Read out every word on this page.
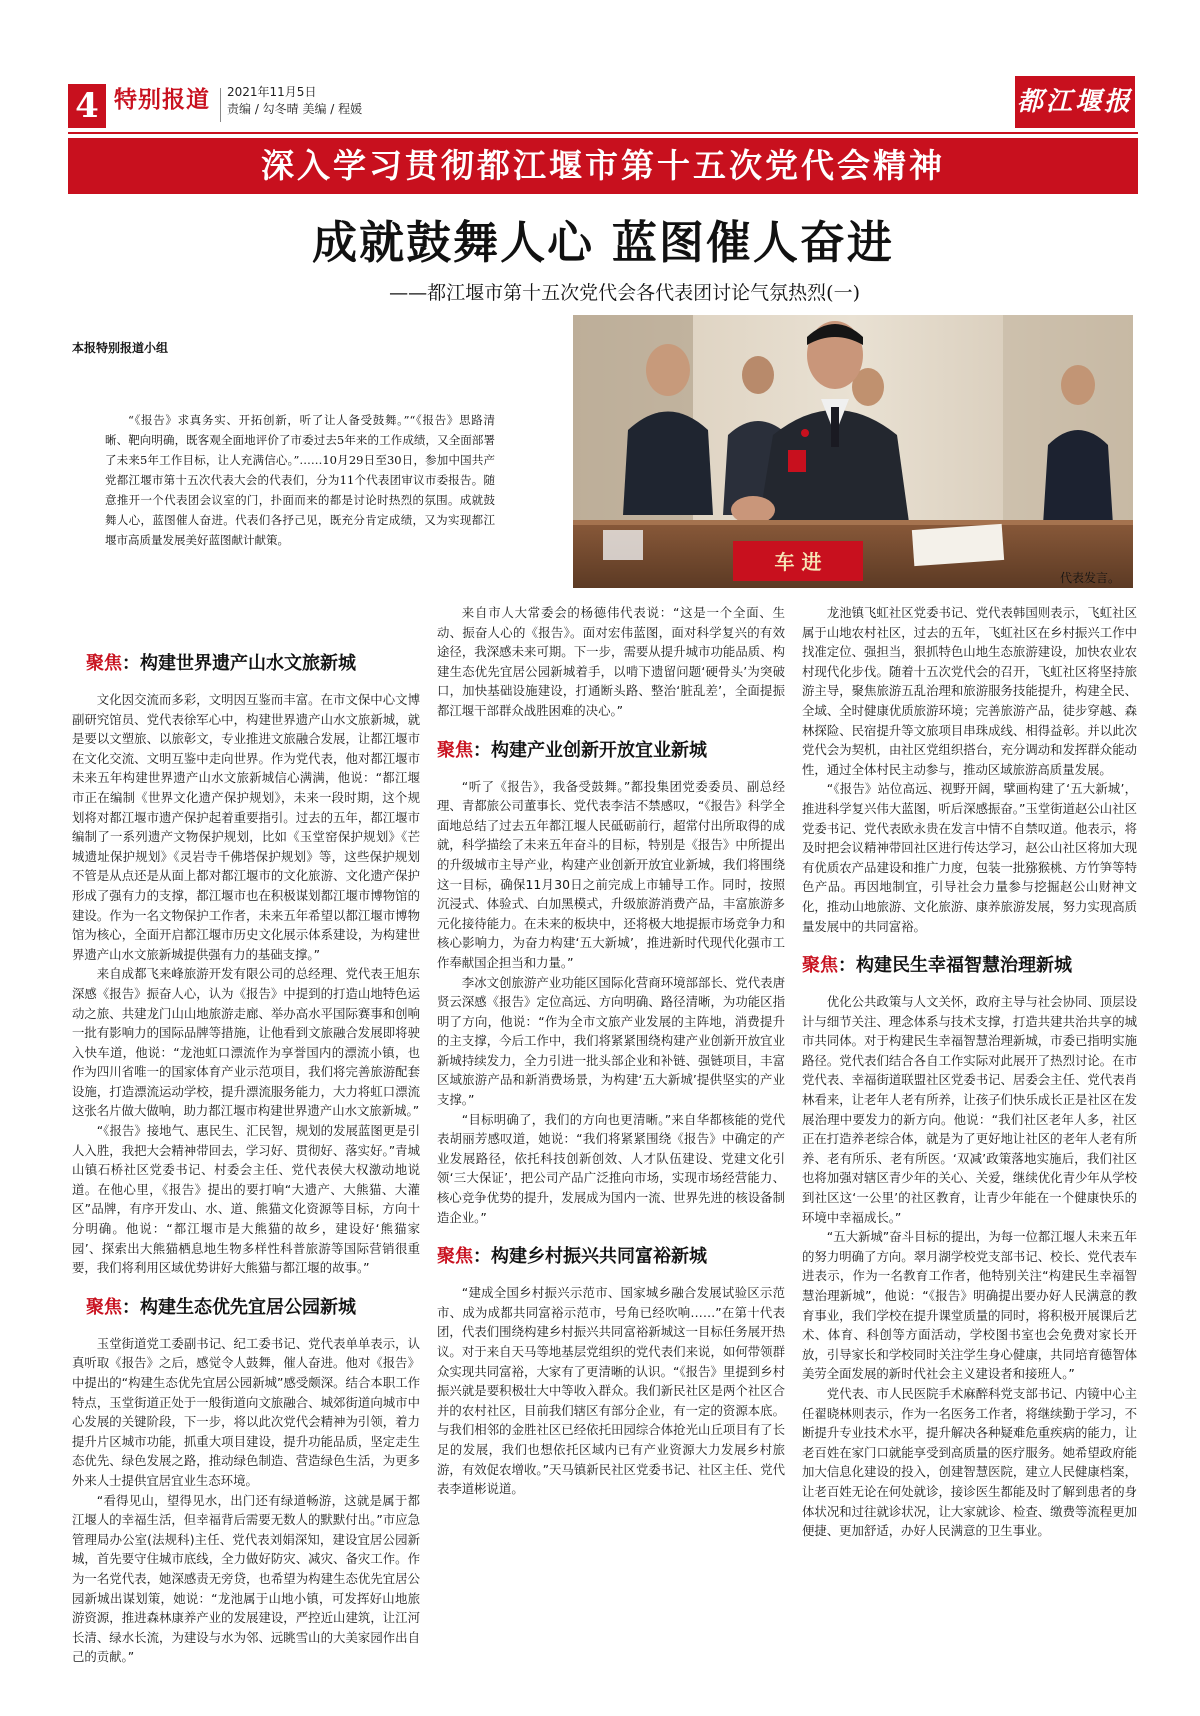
4 特别报道 2021年11月5日
责编 / 勾冬晴 美编 / 程媛	都江堰报
深入学习贯彻都江堰市第十五次党代会精神
成就鼓舞人心 蓝图催人奋进
——都江堰市第十五次党代会各代表团讨论气氛热烈(一)
本报特别报道小组
“《报告》求真务实、开拓创新，听了让人备受鼓舞。”“《报告》思路清晰、靶向明确，既客观全面地评价了市委过去5年来的工作成绩，又全面部署了未来5年工作目标，让人充满信心。”……10月29日至30日，参加中国共产党都江堰市第十五次代表大会的代表们，分为11个代表团审议市委报告。随意推开一个代表团会议室的门，扑面而来的都是讨论时热烈的氛围。成就鼓舞人心，蓝图催人奋进。代表们各抒己见，既充分肯定成绩，又为实现都江堰市高质量发展美好蓝图献计献策。
车 进
代表发言。
聚焦：构建世界遗产山水文旅新城

文化因交流而多彩，文明因互鉴而丰富。在市文保中心文博副研究馆员、党代表徐军心中，构建世界遗产山水文旅新城，就是要以文塑旅、以旅彰文，专业推进文旅融合发展，让都江堰市在文化交流、文明互鉴中走向世界。作为党代表，他对都江堰市未来五年构建世界遗产山水文旅新城信心满满，他说：“都江堰市正在编制《世界文化遗产保护规划》，未来一段时期，这个规划将对都江堰市遗产保护起着重要指引。过去的五年，都江堰市编制了一系列遗产文物保护规划，比如《玉堂窑保护规划》《芒城遗址保护规划》《灵岩寺千佛塔保护规划》等，这些保护规划不管是从点还是从面上都对都江堰市的文化旅游、文化遗产保护形成了强有力的支撑，都江堰市也在积极谋划都江堰市博物馆的建设。作为一名文物保护工作者，未来五年希望以都江堰市博物馆为核心，全面开启都江堰市历史文化展示体系建设，为构建世界遗产山水文旅新城提供强有力的基础支撑。”

来自成都飞来峰旅游开发有限公司的总经理、党代表王旭东深感《报告》振奋人心，认为《报告》中提到的打造山地特色运动之旅、共建龙门山山地旅游走廊、举办高水平国际赛事和创响一批有影响力的国际品牌等措施，让他看到文旅融合发展即将驶入快车道，他说：“龙池虹口漂流作为享誉国内的漂流小镇，也作为四川省唯一的国家体育产业示范项目，我们将完善旅游配套设施，打造漂流运动学校，提升漂流服务能力，大力将虹口漂流这张名片做大做响，助力都江堰市构建世界遗产山水文旅新城。”

“《报告》接地气、惠民生、汇民智，规划的发展蓝图更是引人入胜，我把大会精神带回去，学习好、贯彻好、落实好。”青城山镇石桥社区党委书记、村委会主任、党代表侯大权激动地说道。在他心里，《报告》提出的要打响“大遗产、大熊猫、大灌区”品牌，有序开发山、水、道、熊猫文化资源等目标，方向十分明确。他说：“都江堰市是大熊猫的故乡，建设好‘熊猫家园’、探索出大熊猫栖息地生物多样性科普旅游等国际营销很重要，我们将利用区域优势讲好大熊猫与都江堰的故事。”

聚焦：构建生态优先宜居公园新城

玉堂街道党工委副书记、纪工委书记、党代表单单表示，认真听取《报告》之后，感觉令人鼓舞，催人奋进。他对《报告》中提出的“构建生态优先宜居公园新城”感受颇深。结合本职工作特点，玉堂街道正处于一般街道向文旅融合、城郊街道向城市中心发展的关键阶段，下一步，将以此次党代会精神为引领，着力提升片区城市功能，抓重大项目建设，提升功能品质，坚定走生态优先、绿色发展之路，推动绿色制造、营造绿色生活，为更多外来人士提供宜居宜业生态环境。

“看得见山，望得见水，出门还有绿道畅游，这就是属于都江堰人的幸福生活，但幸福背后需要无数人的默默付出。”市应急管理局办公室(法规科)主任、党代表刘娟深知，建设宜居公园新城，首先要守住城市底线，全力做好防灾、减灾、备灾工作。作为一名党代表，她深感责无旁贷，也希望为构建生态优先宜居公园新城出谋划策，她说：“龙池属于山地小镇，可发挥好山地旅游资源，推进森林康养产业的发展建设，严控近山建筑，让江河长清、绿水长流，为建设与水为邻、远眺雪山的大美家园作出自己的贡献。”

来自市人大常委会的杨德伟代表说：“这是一个全面、生动、振奋人心的《报告》。面对宏伟蓝图，面对科学复兴的有效途径，我深感未来可期。下一步，需要从提升城市功能品质、构建生态优先宜居公园新城着手，以啃下遗留问题‘硬骨头’为突破口，加快基础设施建设，打通断头路、整治‘脏乱差’，全面提振都江堰干部群众战胜困难的决心。”

聚焦：构建产业创新开放宜业新城

“听了《报告》，我备受鼓舞。”都投集团党委委员、副总经理、青都旅公司董事长、党代表李洁不禁感叹，“《报告》科学全面地总结了过去五年都江堰人民砥砺前行，超常付出所取得的成就，科学描绘了未来五年奋斗的目标，特别是《报告》中所提出的升级城市主导产业，构建产业创新开放宜业新城，我们将围绕这一目标，确保11月30日之前完成上市辅导工作。同时，按照沉浸式、体验式、白加黑模式，升级旅游消费产品，丰富旅游多元化接待能力。在未来的板块中，还将极大地提振市场竞争力和核心影响力，为奋力构建‘五大新城’，推进新时代现代化强市工作奉献国企担当和力量。”

李冰文创旅游产业功能区国际化营商环境部部长、党代表唐贤云深感《报告》定位高远、方向明确、路径清晰，为功能区指明了方向，他说：“作为全市文旅产业发展的主阵地，消费提升的主支撑，今后工作中，我们将紧紧围绕构建产业创新开放宜业新城持续发力，全力引进一批头部企业和补链、强链项目，丰富区域旅游产品和新消费场景，为构建‘五大新城’提供坚实的产业支撑。”

“目标明确了，我们的方向也更清晰。”来自华都核能的党代表胡丽芳感叹道，她说：“我们将紧紧围绕《报告》中确定的产业发展路径，依托科技创新创效、人才队伍建设、党建文化引领‘三大保证’，把公司产品广泛推向市场，实现市场经营能力、核心竞争优势的提升，发展成为国内一流、世界先进的核设备制造企业。”

聚焦：构建乡村振兴共同富裕新城

“建成全国乡村振兴示范市、国家城乡融合发展试验区示范市、成为成都共同富裕示范市，号角已经吹响……”在第十代表团，代表们围绕构建乡村振兴共同富裕新城这一目标任务展开热议。对于来自天马等地基层党组织的党代表们来说，如何带领群众实现共同富裕，大家有了更清晰的认识。“《报告》里提到乡村振兴就是要积极壮大中等收入群众。我们新民社区是两个社区合并的农村社区，目前我们辖区有部分企业，有一定的资源本底。与我们相邻的金胜社区已经依托田园综合体抢光山丘项目有了长足的发展，我们也想依托区域内已有产业资源大力发展乡村旅游，有效促农增收。”天马镇新民社区党委书记、社区主任、党代表李道彬说道。

龙池镇飞虹社区党委书记、党代表韩国则表示，飞虹社区属于山地农村社区，过去的五年，飞虹社区在乡村振兴工作中找准定位、强担当，狠抓特色山地生态旅游建设，加快农业农村现代化步伐。随着十五次党代会的召开，飞虹社区将坚持旅游主导，聚焦旅游五乱治理和旅游服务技能提升，构建全民、全域、全时健康优质旅游环境；完善旅游产品，徒步穿越、森林探险、民宿提升等文旅项目串珠成线、相得益彰。并以此次党代会为契机，由社区党组织搭台，充分调动和发挥群众能动性，通过全体村民主动参与，推动区域旅游高质量发展。

“《报告》站位高远、视野开阔，擘画构建了‘五大新城’，推进科学复兴伟大蓝图，听后深感振奋。”玉堂街道赵公山社区党委书记、党代表欧永贵在发言中情不自禁叹道。他表示，将及时把会议精神带回社区进行传达学习，赵公山社区将加大现有优质农产品建设和推广力度，包装一批猕猴桃、方竹笋等特色产品。再因地制宜，引导社会力量参与挖掘赵公山财神文化，推动山地旅游、文化旅游、康养旅游发展，努力实现高质量发展中的共同富裕。

聚焦：构建民生幸福智慧治理新城

优化公共政策与人文关怀，政府主导与社会协同、顶层设计与细节关注、理念体系与技术支撑，打造共建共治共享的城市共同体。对于构建民生幸福智慧治理新城，市委已指明实施路径。党代表们结合各自工作实际对此展开了热烈讨论。在市党代表、幸福街道联盟社区党委书记、居委会主任、党代表肖林看来，让老年人老有所养，让孩子们快乐成长正是社区在发展治理中要发力的新方向。他说：“我们社区老年人多，社区正在打造养老综合体，就是为了更好地让社区的老年人老有所养、老有所乐、老有所医。‘双减’政策落地实施后，我们社区也将加强对辖区青少年的关心、关爱，继续优化青少年从学校到社区这‘一公里’的社区教育，让青少年能在一个健康快乐的环境中幸福成长。”

“五大新城”奋斗目标的提出，为每一位都江堰人未来五年的努力明确了方向。翠月湖学校党支部书记、校长、党代表车进表示，作为一名教育工作者，他特别关注“构建民生幸福智慧治理新城”，他说：“《报告》明确提出要办好人民满意的教育事业，我们学校在提升课堂质量的同时，将积极开展课后艺术、体育、科创等方面活动，学校图书室也会免费对家长开放，引导家长和学校同时关注学生身心健康，共同培育德智体美劳全面发展的新时代社会主义建设者和接班人。”

党代表、市人民医院手术麻醉科党支部书记、内镜中心主任翟晓林则表示，作为一名医务工作者，将继续勤于学习，不断提升专业技术水平，提升解决各种疑难危重疾病的能力，让老百姓在家门口就能享受到高质量的医疗服务。她希望政府能加大信息化建设的投入，创建智慧医院，建立人民健康档案，让老百姓无论在何处就诊，接诊医生都能及时了解到患者的身体状况和过往就诊状况，让大家就诊、检查、缴费等流程更加便捷、更加舒适，办好人民满意的卫生事业。
